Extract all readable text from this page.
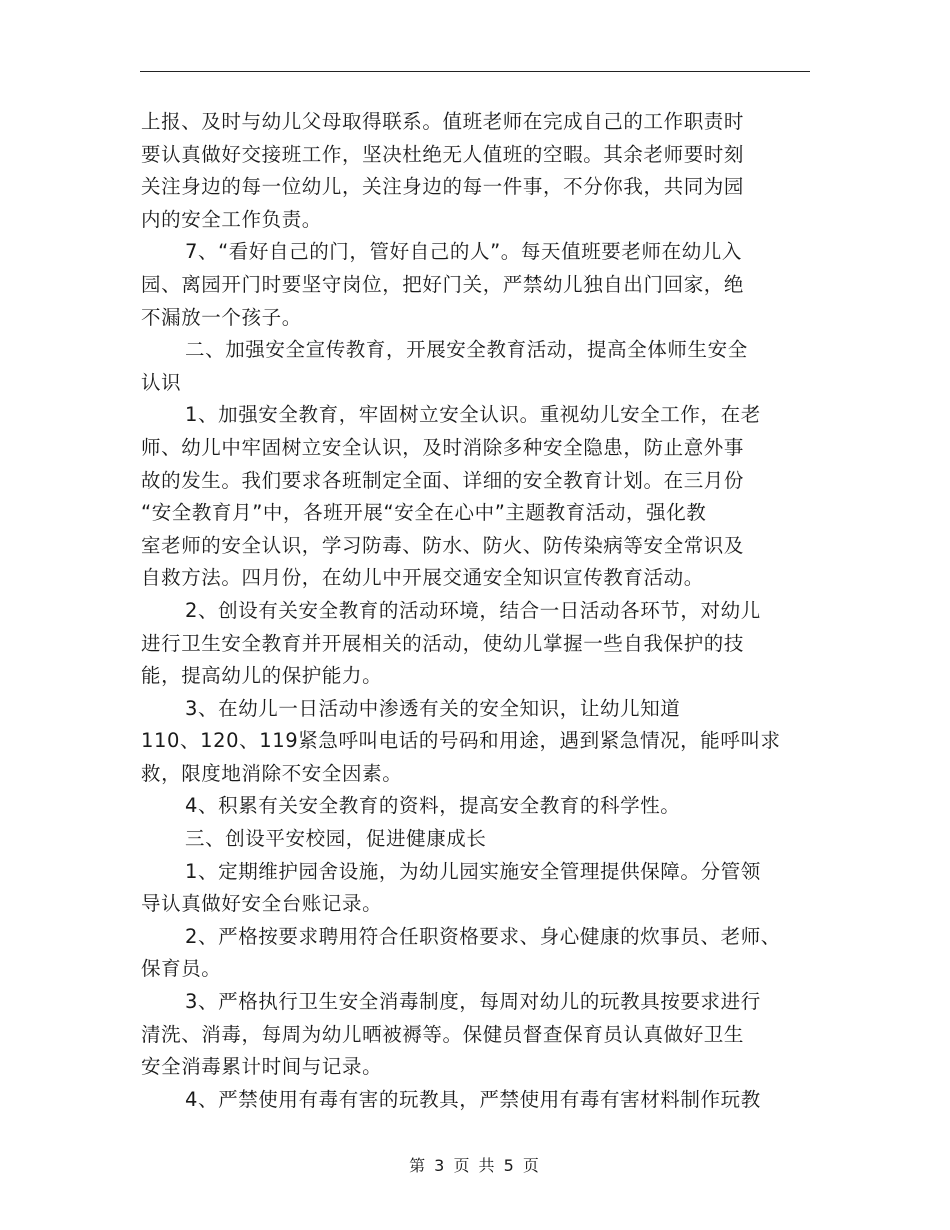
上报、及时与幼儿父母取得联系。值班老师在完成自己的工作职责时
要认真做好交接班工作，坚决杜绝无人值班的空暇。其余老师要时刻
关注身边的每一位幼儿，关注身边的每一件事，不分你我，共同为园
内的安全工作负责。
7、“看好自己的门，管好自己的人”。每天值班要老师在幼儿入
园、离园开门时要坚守岗位，把好门关，严禁幼儿独自出门回家，绝
不漏放一个孩子。
二、加强安全宣传教育，开展安全教育活动，提高全体师生安全
认识
1、加强安全教育，牢固树立安全认识。重视幼儿安全工作，在老
师、幼儿中牢固树立安全认识，及时消除多种安全隐患，防止意外事
故的发生。我们要求各班制定全面、详细的安全教育计划。在三月份
“安全教育月”中，各班开展“安全在心中”主题教育活动，强化教
室老师的安全认识，学习防毒、防水、防火、防传染病等安全常识及
自救方法。四月份，在幼儿中开展交通安全知识宣传教育活动。
2、创设有关安全教育的活动环境，结合一日活动各环节，对幼儿
进行卫生安全教育并开展相关的活动，使幼儿掌握一些自我保护的技
能，提高幼儿的保护能力。
3、在幼儿一日活动中渗透有关的安全知识，让幼儿知道
110、120、119紧急呼叫电话的号码和用途，遇到紧急情况，能呼叫求
救，限度地消除不安全因素。
4、积累有关安全教育的资料，提高安全教育的科学性。
三、创设平安校园，促进健康成长
1、定期维护园舍设施，为幼儿园实施安全管理提供保障。分管领
导认真做好安全台账记录。
2、严格按要求聘用符合任职资格要求、身心健康的炊事员、老师、
保育员。
3、严格执行卫生安全消毒制度，每周对幼儿的玩教具按要求进行
清洗、消毒，每周为幼儿晒被褥等。保健员督查保育员认真做好卫生
安全消毒累计时间与记录。
4、严禁使用有毒有害的玩教具，严禁使用有毒有害材料制作玩教
第 3 页 共 5 页
